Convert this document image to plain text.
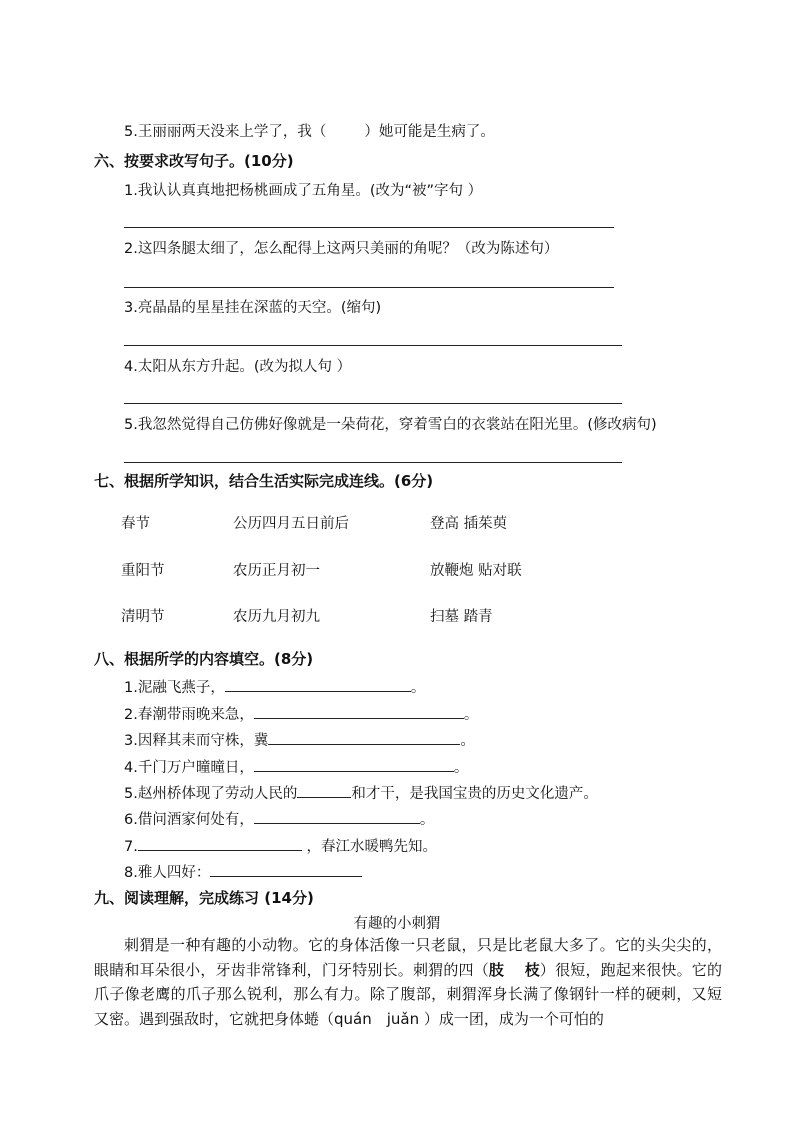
5.王丽丽两天没来上学了，我（	）她可能是生病了。
六、按要求改写句子。(10分)
1.我认认真真地把杨桃画成了五角星。(改为“被”字句 ）
2.这四条腿太细了，怎么配得上这两只美丽的角呢？（改为陈述句）
3.亮晶晶的星星挂在深蓝的天空。(缩句)
4.太阳从东方升起。(改为拟人句 ）
5.我忽然觉得自己仿佛好像就是一朵荷花，穿着雪白的衣裳站在阳光里。(修改病句)
七、根据所学知识，结合生活实际完成连线。(6分)
春节	公历四月五日前后	登高 插茱萸
重阳节	农历正月初一	放鞭炮 贴对联
清明节	农历九月初九	扫墓 踏青
八、根据所学的内容填空。(8分)
1.泥融飞燕子，	。
2.春潮带雨晚来急，	。
3.因释其耒而守株，冀	。
4.千门万户曈曈日，	。
5.赵州桥体现了劳动人民的	和才干，是我国宝贵的历史文化遗产。
6.借问酒家何处有，	。
7.	，春江水暖鸭先知。
8.雅人四好：
九、阅读理解，完成练习 (14分)
有趣的小刺猬
刺猬是一种有趣的小动物。它的身体活像一只老鼠，只是比老鼠大多了。它的头尖尖的，眼睛和耳朵很小，牙齿非常锋利，门牙特别长。刺猬的四（肢　 枝）很短，跑起来很快。它的爪子像老鹰的爪子那么锐利，那么有力。除了腹部，刺猬浑身长满了像钢针一样的硬刺，又短又密。遇到强敌时，它就把身体蜷（quán　juǎn ）成一团，成为一个可怕的
